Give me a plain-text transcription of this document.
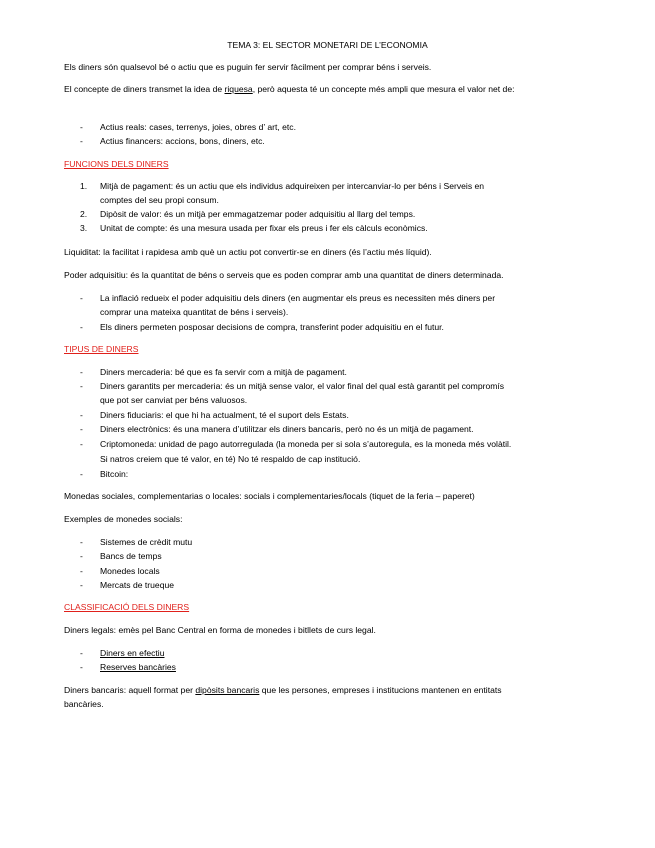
TEMA 3: EL SECTOR MONETARI DE L’ECONOMIA
Els diners són qualsevol bé o actiu que es puguin fer servir fàcilment per comprar béns i serveis.
El concepte de diners transmet la idea de riquesa, però aquesta té un concepte més ampli que mesura el valor net de:
-	Actius reals: cases, terrenys, joies, obres d’ art, etc.
-	Actius financers: accions, bons, diners, etc.
FUNCIONS DELS DINERS
1.	Mitjà de pagament: és un actiu que els individus adquireixen per intercanviar-lo per béns i Serveis en
comptes del seu propi consum.
2.	Dipòsit de valor: és un mitjà per emmagatzemar poder adquisitiu al llarg del temps.
3.	Unitat de compte: és una mesura usada per fixar els preus i fer els càlculs econòmics.
Liquiditat: la facilitat i rapidesa amb què un actiu pot convertir-se en diners (és l’actiu més líquid).
Poder adquisitiu: és la quantitat de béns o serveis que es poden comprar amb una quantitat de diners determinada.
-	La inflació redueix el poder adquisitiu dels diners (en augmentar els preus es necessiten més diners per
comprar una mateixa quantitat de béns i serveis).
-	Els diners permeten posposar decisions de compra, transferint poder adquisitiu en el futur.
TIPUS DE DINERS
-	Diners mercaderia: bé que es fa servir com a mitjà de pagament.
-	Diners garantits per mercaderia: és un mitjà sense valor, el valor final del qual està garantit pel compromís
que pot ser canviat per béns valuosos.
-	Diners fiduciaris: el que hi ha actualment, té el suport dels Estats.
-	Diners electrònics: és una manera d’utilitzar els diners bancaris, però no és un mitjà de pagament.
-	Criptomoneda: unidad de pago autorregulada (la moneda per si sola s’autoregula, es la moneda més volàtil.
Si natros creiem que té valor, en té) No té respaldo de cap institució.
-	Bitcoin:
Monedas sociales, complementarias o locales: socials i complementaries/locals (tiquet de la feria – paperet)
Exemples de monedes socials:
-	Sistemes de crèdit mutu
-	Bancs de temps
-	Monedes locals
-	Mercats de trueque
CLASSIFICACIÓ DELS DINERS
Diners legals: emès pel Banc Central en forma de monedes i bitllets de curs legal.
-	Diners en efectiu
-	Reserves bancàries
Diners bancaris: aquell format per dipòsits bancaris que les persones, empreses i institucions mantenen en entitats
bancàries.
